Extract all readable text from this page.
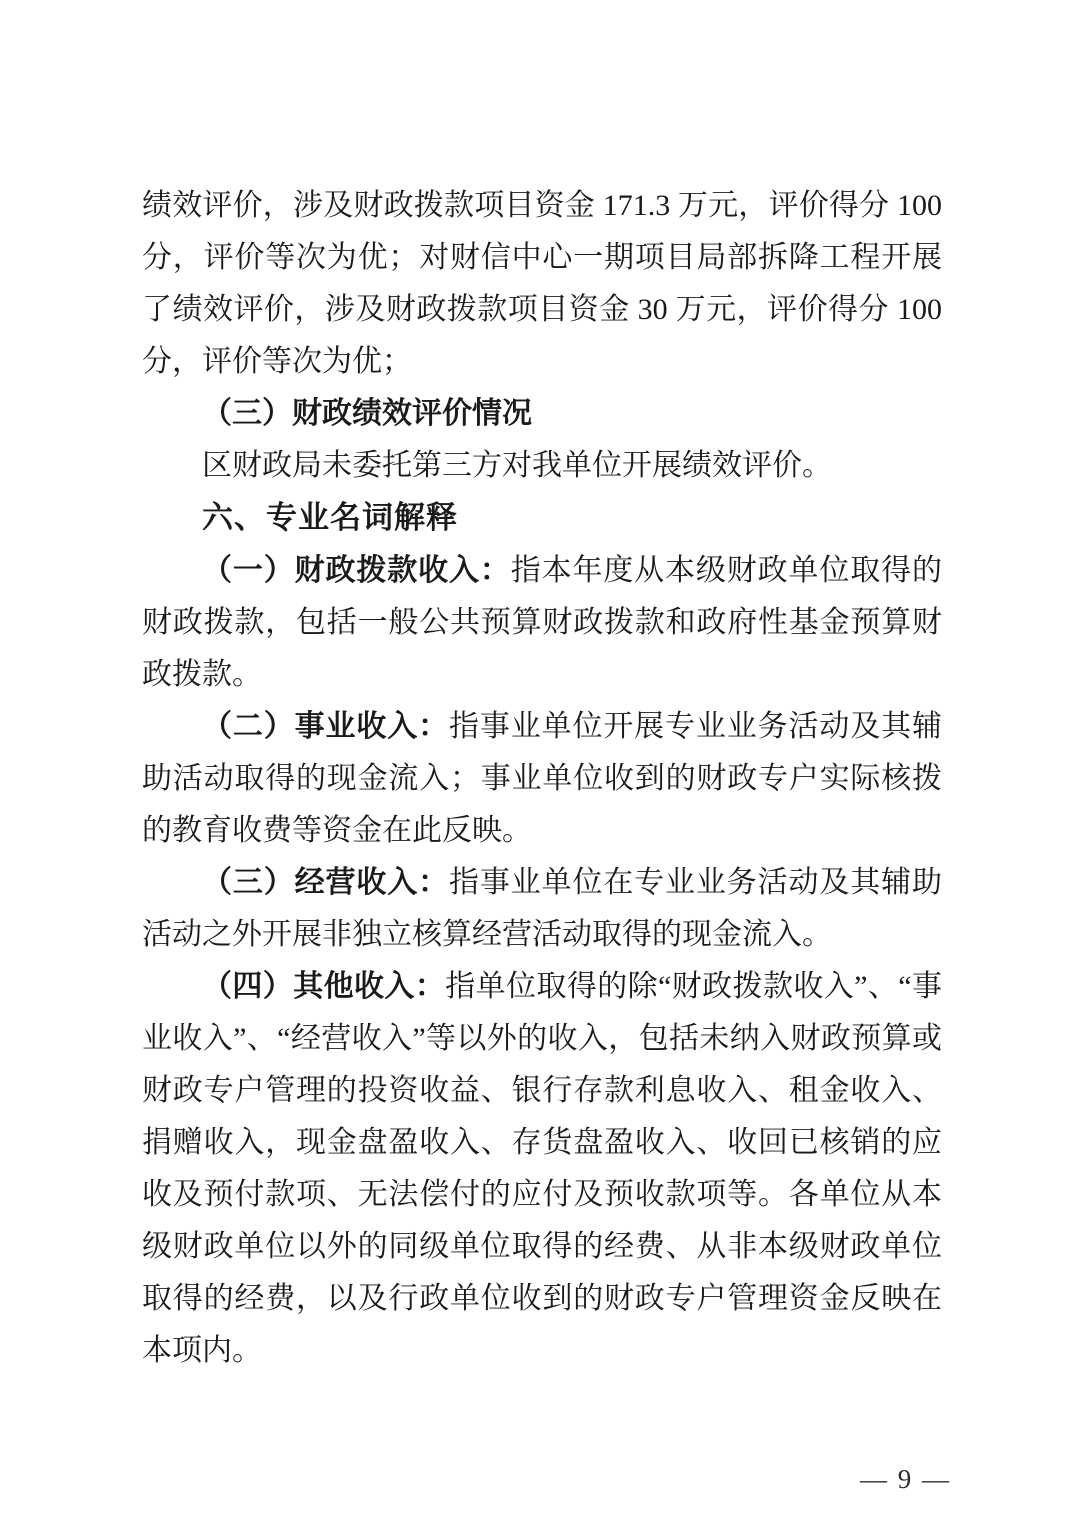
绩效评价，涉及财政拨款项目资金 171.3 万元，评价得分 100 分，评价等次为优；对财信中心一期项目局部拆降工程开展了绩效评价，涉及财政拨款项目资金 30 万元，评价得分 100 分，评价等次为优；

（三）财政绩效评价情况

区财政局未委托第三方对我单位开展绩效评价。

六、专业名词解释

（一）财政拨款收入：指本年度从本级财政单位取得的财政拨款，包括一般公共预算财政拨款和政府性基金预算财政拨款。

（二）事业收入：指事业单位开展专业业务活动及其辅助活动取得的现金流入；事业单位收到的财政专户实际核拨的教育收费等资金在此反映。

（三）经营收入：指事业单位在专业业务活动及其辅助活动之外开展非独立核算经营活动取得的现金流入。

（四）其他收入：指单位取得的除“财政拨款收入”、“事业收入”、“经营收入”等以外的收入，包括未纳入财政预算或财政专户管理的投资收益、银行存款利息收入、租金收入、捐赠收入，现金盘盈收入、存货盘盈收入、收回已核销的应收及预付款项、无法偿付的应付及预收款项等。各单位从本级财政单位以外的同级单位取得的经费、从非本级财政单位取得的经费，以及行政单位收到的财政专户管理资金反映在本项内。

— 9 —
